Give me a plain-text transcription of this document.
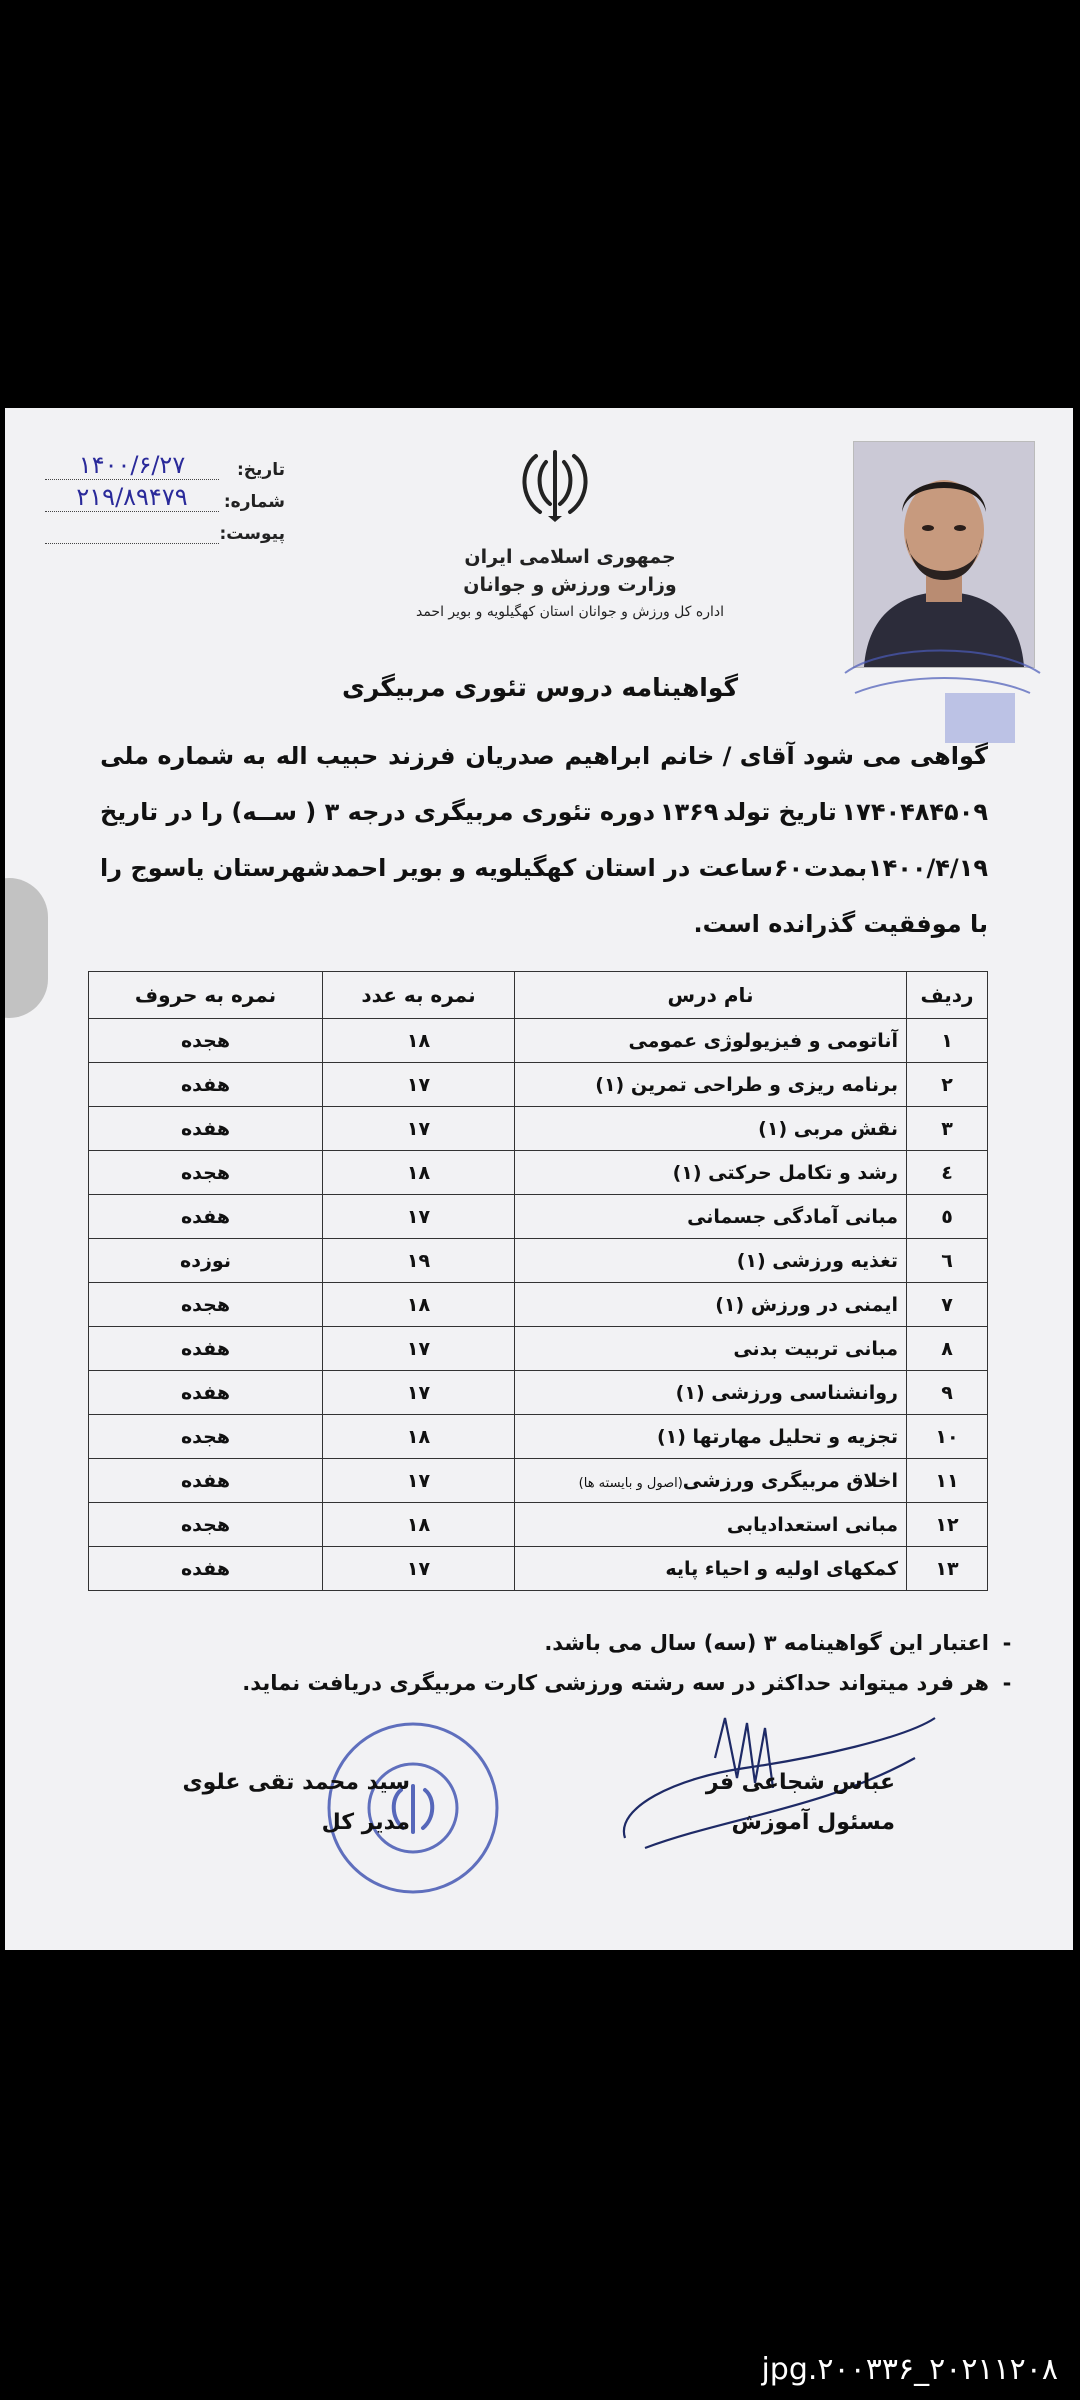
تاریخ:
۱۴۰۰/۶/۲۷
شماره:
۲۱۹/۸۹۴۷۹
پیوست:
جمهوری اسلامی ایران
وزارت ورزش و جوانان
اداره کل ورزش و جوانان استان کهگیلویه و بویر احمد
گواهینامه دروس تئوری مربیگری
گواهی می شود آقای / خانم
ابراهیم
صدریان
فرزند
حبیب اله
به شماره ملی
۱۷۴۰۴۸۴۵۰۹
تاریخ تولد
۱۳۶۹
دوره تئوری مربیگری درجه ۳ ( ســه) را در تاریخ
۱۴۰۰/۴/۱۹
بمدت
۶۰
ساعت در استان کهگیلویه و بویر احمد
شهرستان یاسوج را
با موفقیت گذرانده است.
ردیف	نام درس	نمره به عدد	نمره به حروف
۱	آناتومی و فیزیولوژی عمومی	۱۸	هجده
۲	برنامه ریزی و طراحی تمرین (۱)	۱۷	هفده
۳	نقش مربی (۱)	۱۷	هفده
٤	رشد و تکامل حرکتی (۱)	۱۸	هجده
٥	مبانی آمادگی جسمانی	۱۷	هفده
٦	تغذیه ورزشی (۱)	۱۹	نوزده
۷	ایمنی در ورزش (۱)	۱۸	هجده
۸	مبانی تربیت بدنی	۱۷	هفده
۹	روانشناسی ورزشی (۱)	۱۷	هفده
۱۰	تجزیه و تحلیل مهارتها (۱)	۱۸	هجده
۱۱	اخلاق مربیگری ورزشی(اصول و بایسته ها)	۱۷	هفده
۱۲	مبانی استعدادیابی	۱۸	هجده
۱۳	کمکهای اولیه و احیاء پایه	۱۷	هفده
-
اعتبار این گواهینامه ۳ (سه) سال می باشد.
-
هر فرد میتواند حداکثر در سه رشته ورزشی کارت مربیگری دریافت نماید.
سید محمد تقی علوی
مدیر کل
عباس شجاعی فر
مسئول آموزش
jpg.۲۰۰۳۳۶_۲۰۲۱۱۲۰۸
